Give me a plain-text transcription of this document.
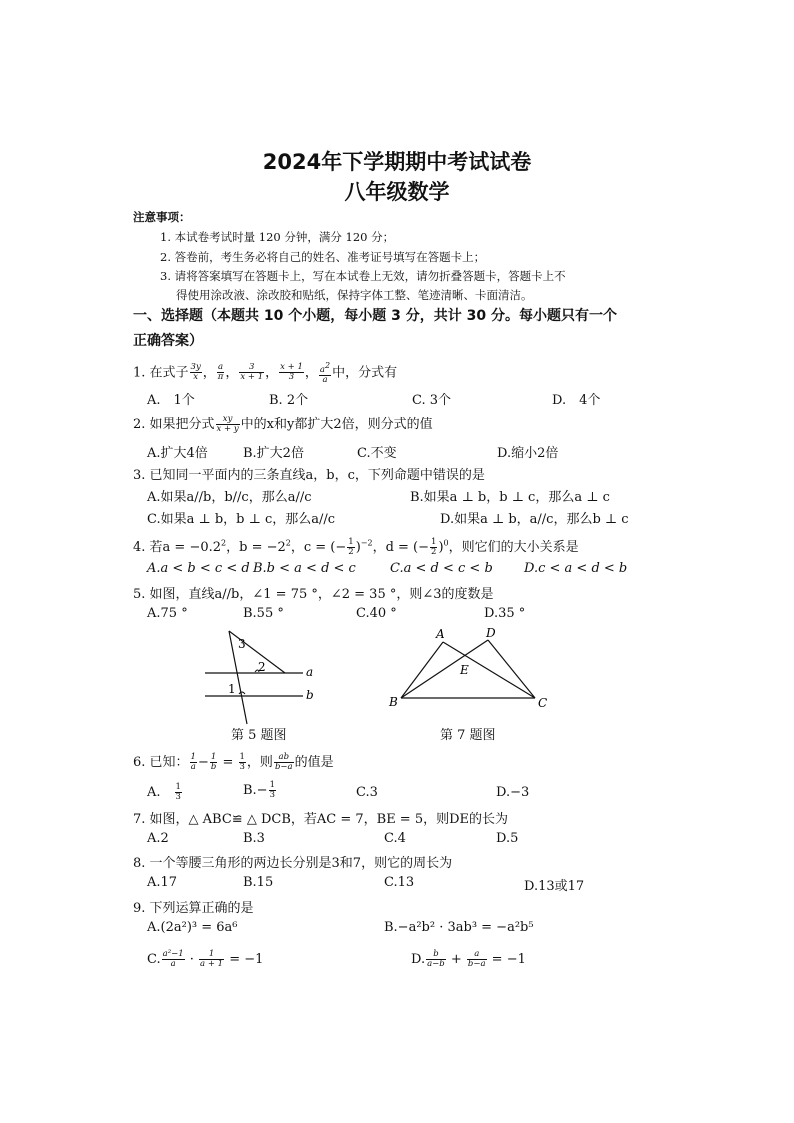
2024年下学期期中考试试卷
八年级数学
注意事项：
1. 本试卷考试时量 120 分钟，满分 120 分；
2. 答卷前，考生务必将自己的姓名、准考证号填写在答题卡上；
3. 请将答案填写在答题卡上，写在本试卷上无效，请勿折叠答题卡，答题卡上不
得使用涂改液、涂改胶和贴纸，保持字体工整、笔迹清晰、卡面清洁。
一、选择题（本题共 10 个小题，每小题 3 分，共计 30 分。每小题只有一个
正确答案）
1. 在式子 $\frac{3y}{x}$ ， $\frac{a}{\pi}$ ， $\frac{3}{x + 1}$ ， $\frac{x + 1}{3}$ ， $\frac{a^2}{a}$ 中，分式有
A.　1个	B. 2个	C. 3个	D.　4个
2. 如果把分式 $\frac{xy}{x + y}$ 中的x和y都扩大2倍，则分式的值
A.扩大4倍	B.扩大2倍	C.不变	D.缩小2倍
3. 已知同一平面内的三条直线a，b，c，下列命题中错误的是
A.如果a//b，b//c，那么a//c	B.如果a ⊥ b，b ⊥ c，那么a ⊥ c
C.如果a ⊥ b，b ⊥ c，那么a//c	D.如果a ⊥ b，a//c，那么b ⊥ c
4. 若$a = -0.2^2$，$b = -2^2$，c = (− $\frac{1}{2} )^{-2}$，d = (− $\frac{1}{2} )^0$，则它们的大小关系是
A.a < b < c < d B.b < a < d < c	C.a < d < c < b D.c < a < d < b
5. 如图，直线a//b，∠1 = 75 °，∠2 = 35 °，则∠3的度数是
A.75 °	B.55 °	C.40 °	D.35 °
3
2
1
a
b
第 5 题图
A	D
E
B	C
第 7 题图
6. 已知： $\frac{1}{a} - \frac{1}{b} = \frac{1}{3}$ ，则 $\frac{ab}{b-a}$ 的值是
A.　 $\frac{1}{3}$	$B.- \frac{1}{3}$	C.3	D.−3
7. 如图，△ ABC≌ △ DCB，若AC = 7，BE = 5，则DE的长为
A.2	B.3	C.4	D.5
8. 一个等腰三角形的两边长分别是3和7，则它的周长为
A.17	B.15	C.13	D.13或17
9. 下列运算正确的是
A.(2a²)³ = 6a⁶	B.−a²b² · 3ab³ = −a²b⁵
C. $\frac{\text{a²−1}}{a} \cdot \frac{1}{a + 1} = -1$	D. $\frac{b}{a-b} + \frac{a}{b-a} = -1$
